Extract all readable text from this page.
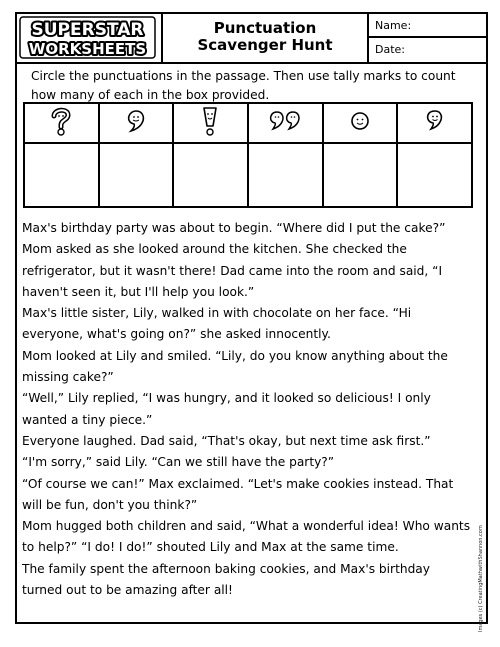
SUPERSTAR
WORKSHEETS
Punctuation
Scavenger Hunt
Name:
Date:
Circle the punctuations in the passage. Then use tally marks to count how many of each in the box provided.

Max's birthday party was about to begin. “Where did I put the cake?” Mom asked as she looked around the kitchen. She checked the refrigerator, but it wasn't there! Dad came into the room and said, “I haven't seen it, but I'll help you look.”

Max's little sister, Lily, walked in with chocolate on her face. “Hi everyone, what's going on?” she asked innocently.

Mom looked at Lily and smiled. “Lily, do you know anything about the missing cake?”

“Well,” Lily replied, “I was hungry, and it looked so delicious! I only wanted a tiny piece.”

Everyone laughed. Dad said, “That's okay, but next time ask first.”

“I'm sorry,” said Lily. “Can we still have the party?”

“Of course we can!” Max exclaimed. “Let's make cookies instead. That will be fun, don't you think?”

Mom hugged both children and said, “What a wonderful idea! Who wants to help?” “I do! I do!” shouted Lily and Max at the same time.

The family spent the afternoon baking cookies, and Max's birthday turned out to be amazing after all!	Images (c) CreatingMathwithShannon.com
